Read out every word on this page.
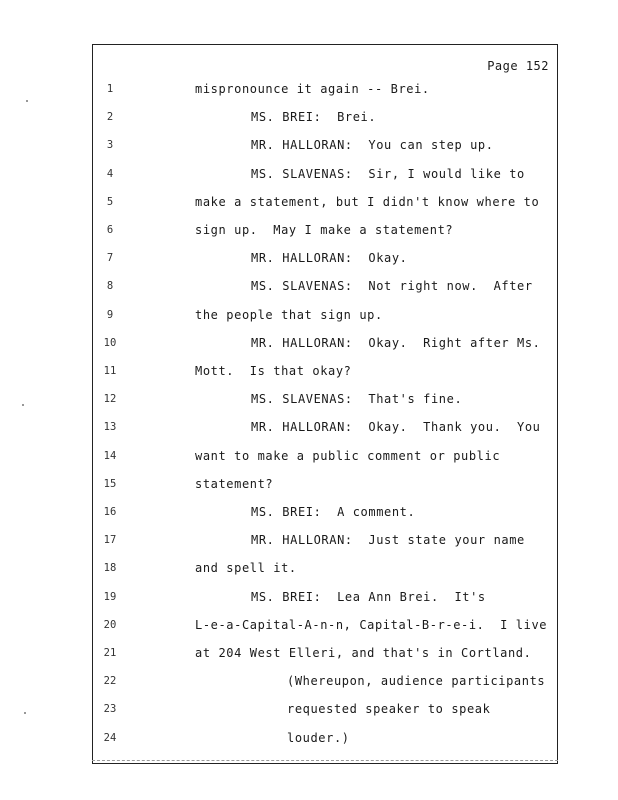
Page 152
1	mispronounce it again -- Brei.
2	MS. BREI:  Brei.
3	MR. HALLORAN:  You can step up.
4	MS. SLAVENAS:  Sir, I would like to
5	make a statement, but I didn't know where to
6	sign up.  May I make a statement?
7	MR. HALLORAN:  Okay.
8	MS. SLAVENAS:  Not right now.  After
9	the people that sign up.
10	MR. HALLORAN:  Okay.  Right after Ms.
11	Mott.  Is that okay?
12	MS. SLAVENAS:  That's fine.
13	MR. HALLORAN:  Okay.  Thank you.  You
14	want to make a public comment or public
15	statement?
16	MS. BREI:  A comment.
17	MR. HALLORAN:  Just state your name
18	and spell it.
19	MS. BREI:  Lea Ann Brei.  It's
20	L-e-a-Capital-A-n-n, Capital-B-r-e-i.  I live
21	at 204 West Elleri, and that's in Cortland.
22	(Whereupon, audience participants
23	requested speaker to speak
24	louder.)
